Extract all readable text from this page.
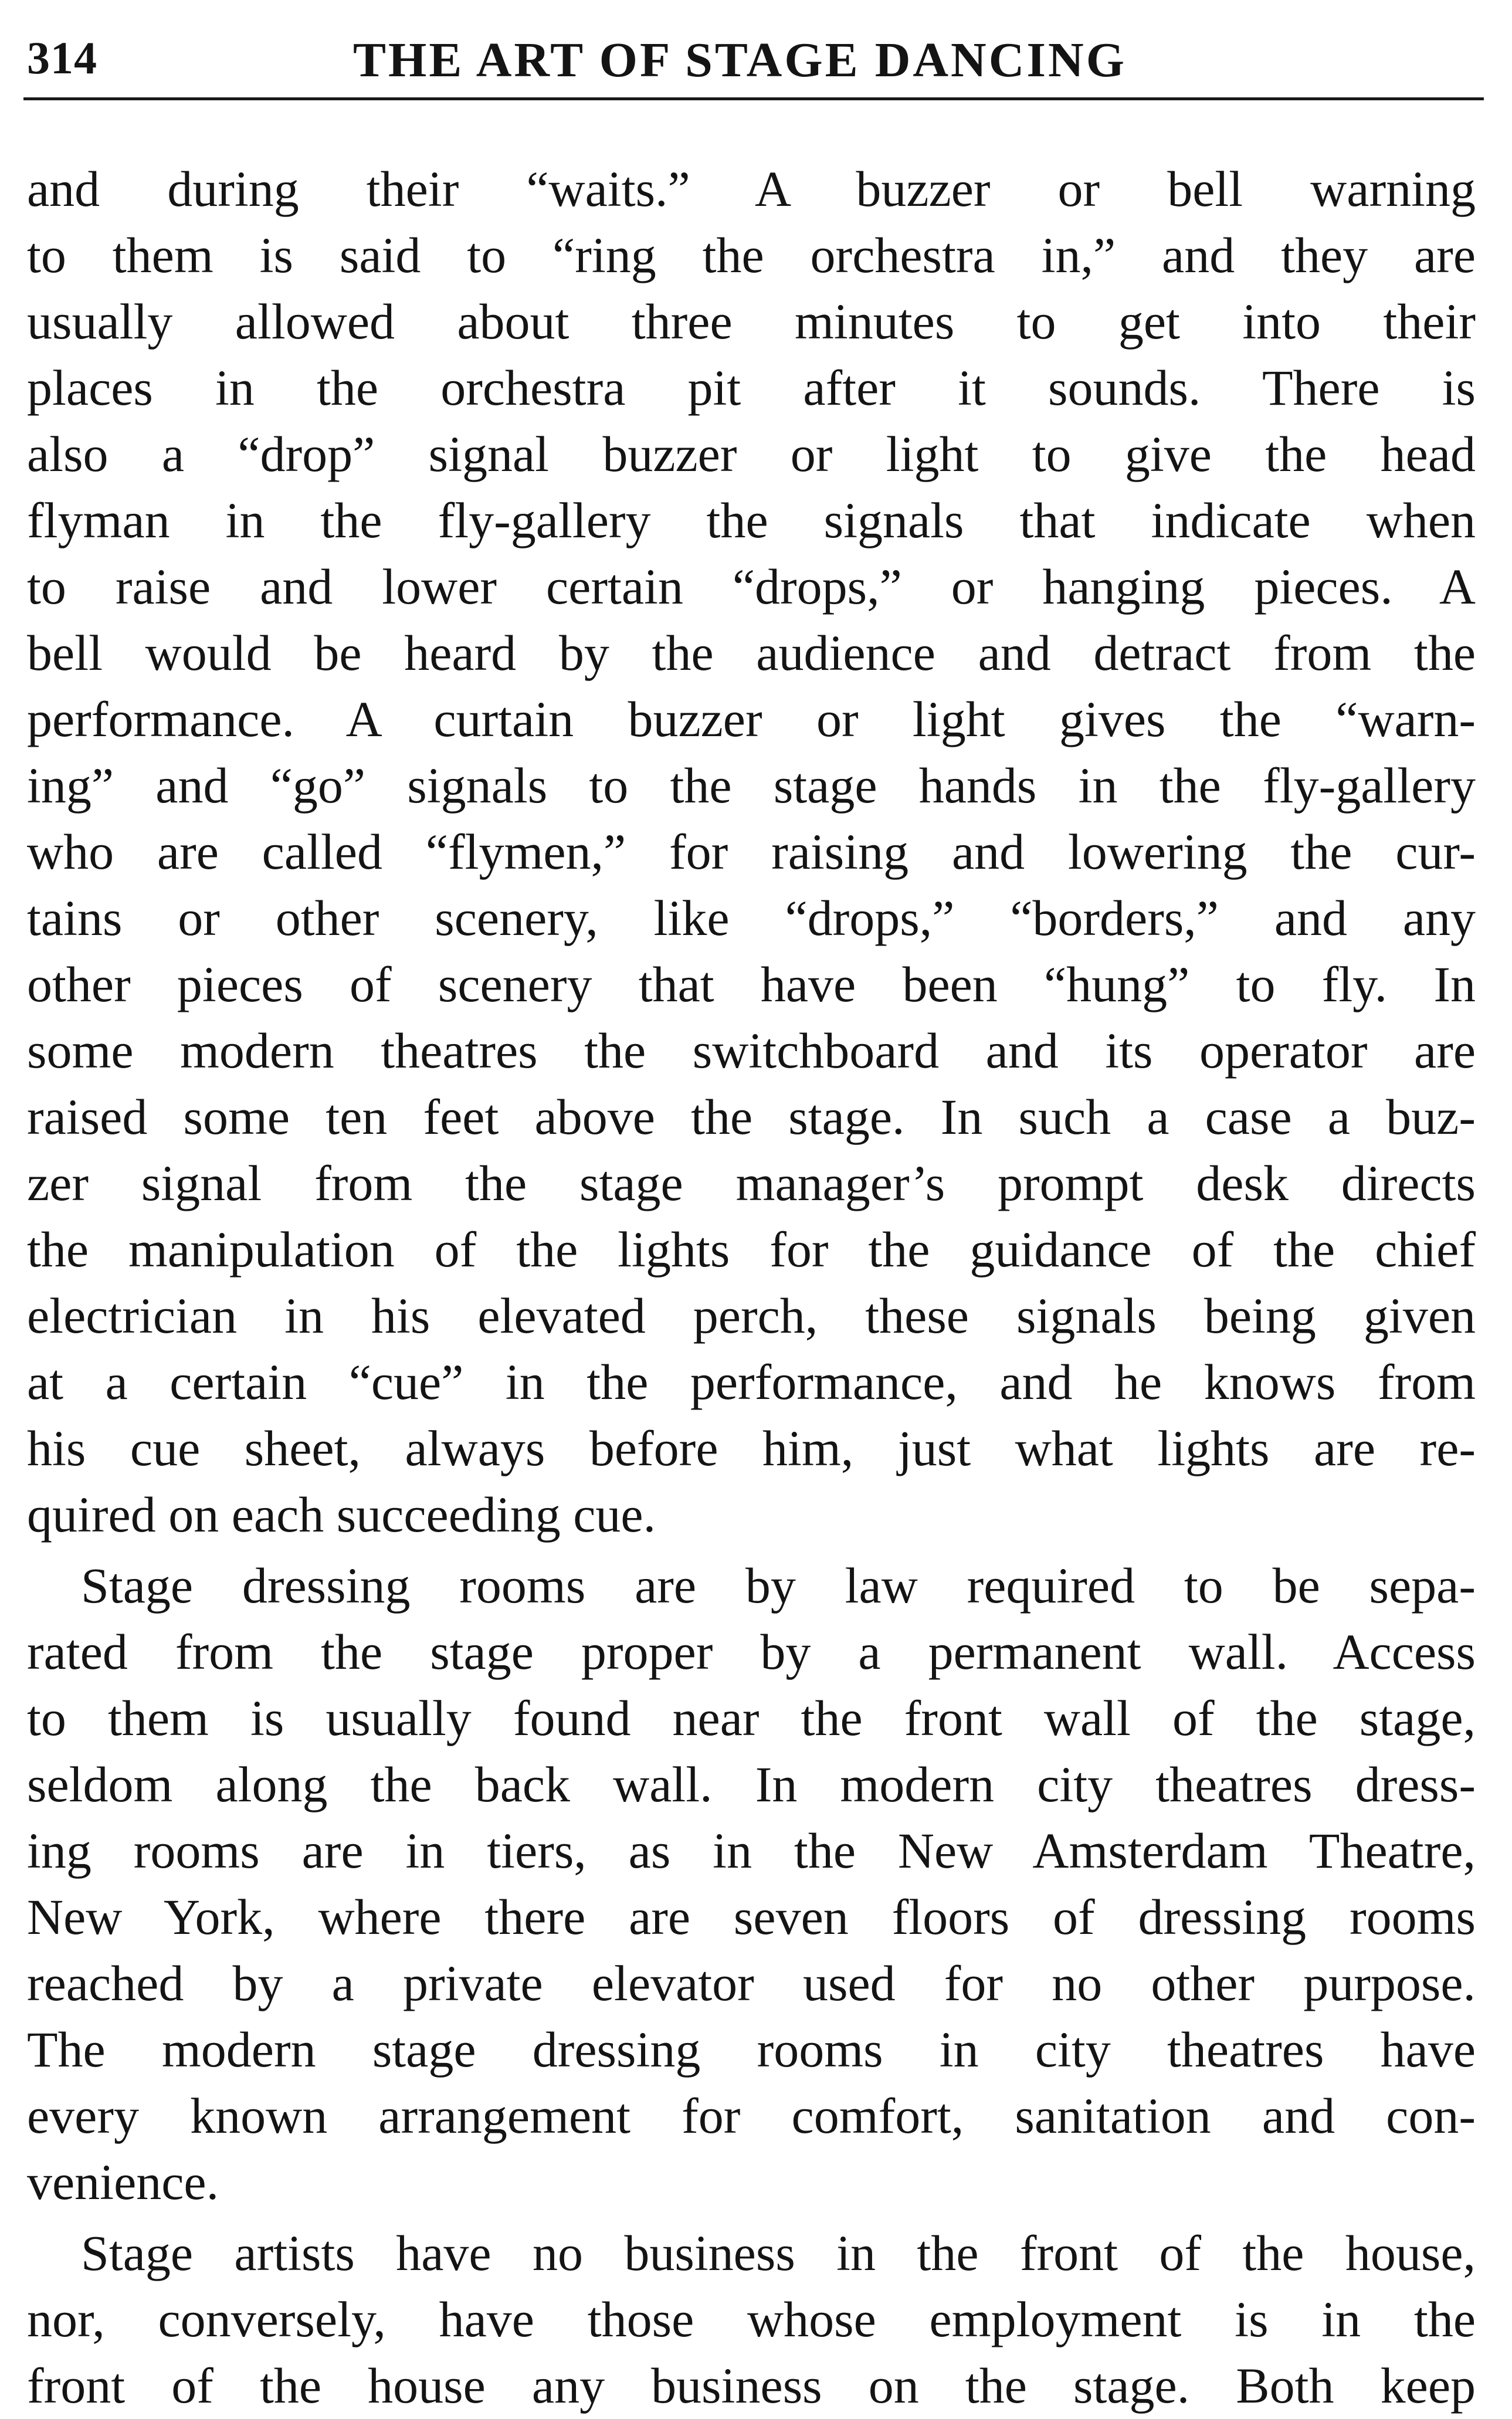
314	THE ART OF STAGE DANCING
and during their “waits.” A buzzer or bell warning
to them is said to “ring the orchestra in,” and they are
usually allowed about three minutes to get into their
places in the orchestra pit after it sounds. There is
also a “drop” signal buzzer or light to give the head
flyman in the fly-gallery the signals that indicate when
to raise and lower certain “drops,” or hanging pieces. A
bell would be heard by the audience and detract from the
performance. A curtain buzzer or light gives the “warn-
ing” and “go” signals to the stage hands in the fly-gallery
who are called “flymen,” for raising and lowering the cur-
tains or other scenery, like “drops,” “borders,” and any
other pieces of scenery that have been “hung” to fly. In
some modern theatres the switchboard and its operator are
raised some ten feet above the stage. In such a case a buz-
zer signal from the stage manager’s prompt desk directs
the manipulation of the lights for the guidance of the chief
electrician in his elevated perch, these signals being given
at a certain “cue” in the performance, and he knows from
his cue sheet, always before him, just what lights are re-
quired on each succeeding cue.
Stage dressing rooms are by law required to be sepa-
rated from the stage proper by a permanent wall. Access
to them is usually found near the front wall of the stage,
seldom along the back wall. In modern city theatres dress-
ing rooms are in tiers, as in the New Amsterdam Theatre,
New York, where there are seven floors of dressing rooms
reached by a private elevator used for no other purpose.
The modern stage dressing rooms in city theatres have
every known arrangement for comfort, sanitation and con-
venience.
Stage artists have no business in the front of the house,
nor, conversely, have those whose employment is in the
front of the house any business on the stage. Both keep
